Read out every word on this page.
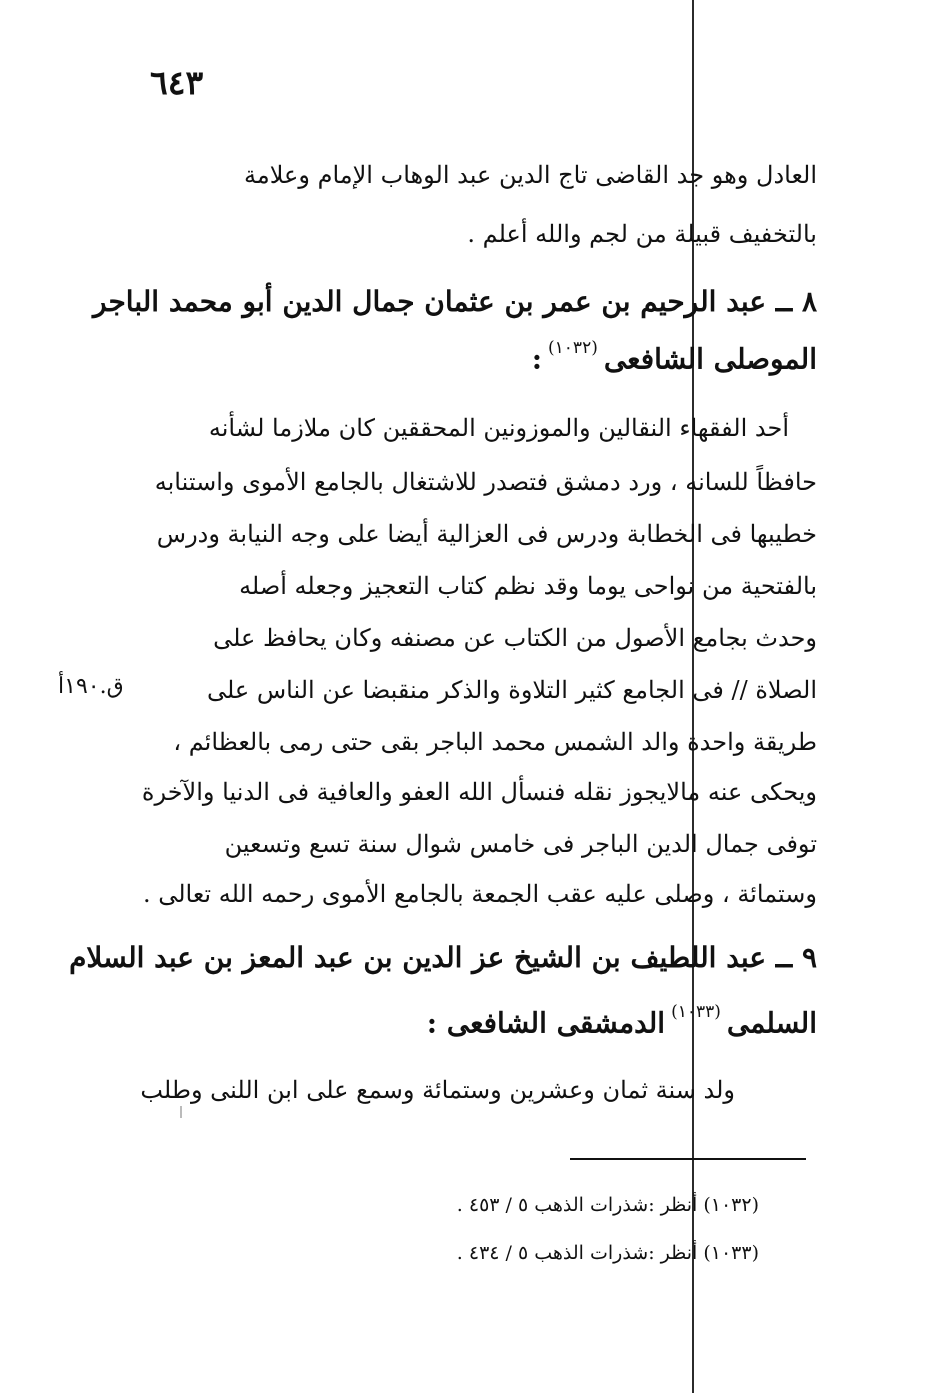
٦٤٣
العادل وهو جد القاضى تاج الدين عبد الوهاب الإمام وعلامة
بالتخفيف قبيلة من لجم والله أعلم .
٨ ــ عبد الرحيم بن عمر بن عثمان جمال الدين أبو محمد الباجر
الموصلى الشافعى$^{(١٠٣٢)}$:
أحد الفقهاء النقالين والموزونين المحققين كان ملازما لشأنه
حافظاً للسانه ، ورد دمشق فتصدر للاشتغال بالجامع الأموى واستنابه
خطيبها فى الخطابة ودرس فى العزالية أيضا على وجه النيابة ودرس
بالفتحية من نواحى يوما وقد نظم كتاب التعجيز وجعله أصله
وحدث بجامع الأصول من الكتاب عن مصنفه وكان يحافظ على
الصلاة // فى الجامع كثير التلاوة والذكر منقبضا عن الناس على
طريقة واحدة والد الشمس محمد الباجر بقى حتى رمى بالعظائم ،
ويحكى عنه مالايجوز نقله فنسأل الله العفو والعافية فى الدنيا والآخرة
توفى جمال الدين الباجر فى خامس شوال سنة تسع وتسعين
وستمائة ، وصلى عليه عقب الجمعة بالجامع الأموى رحمه الله تعالى .
ق.١٩٠أ
٩ ــ عبد اللطيف بن الشيخ عز الدين بن عبد المعز بن عبد السلام
السلمى$^{(١٠٣٣)}$الدمشقى الشافعى :
ولد سنة ثمان وعشرين وستمائة وسمع على ابن اللنى وطلب
(١٠٣٢) أنظر :شذرات الذهب ٥ / ٤٥٣ .
(١٠٣٣) أنظر :شذرات الذهب ٥ / ٤٣٤ .
